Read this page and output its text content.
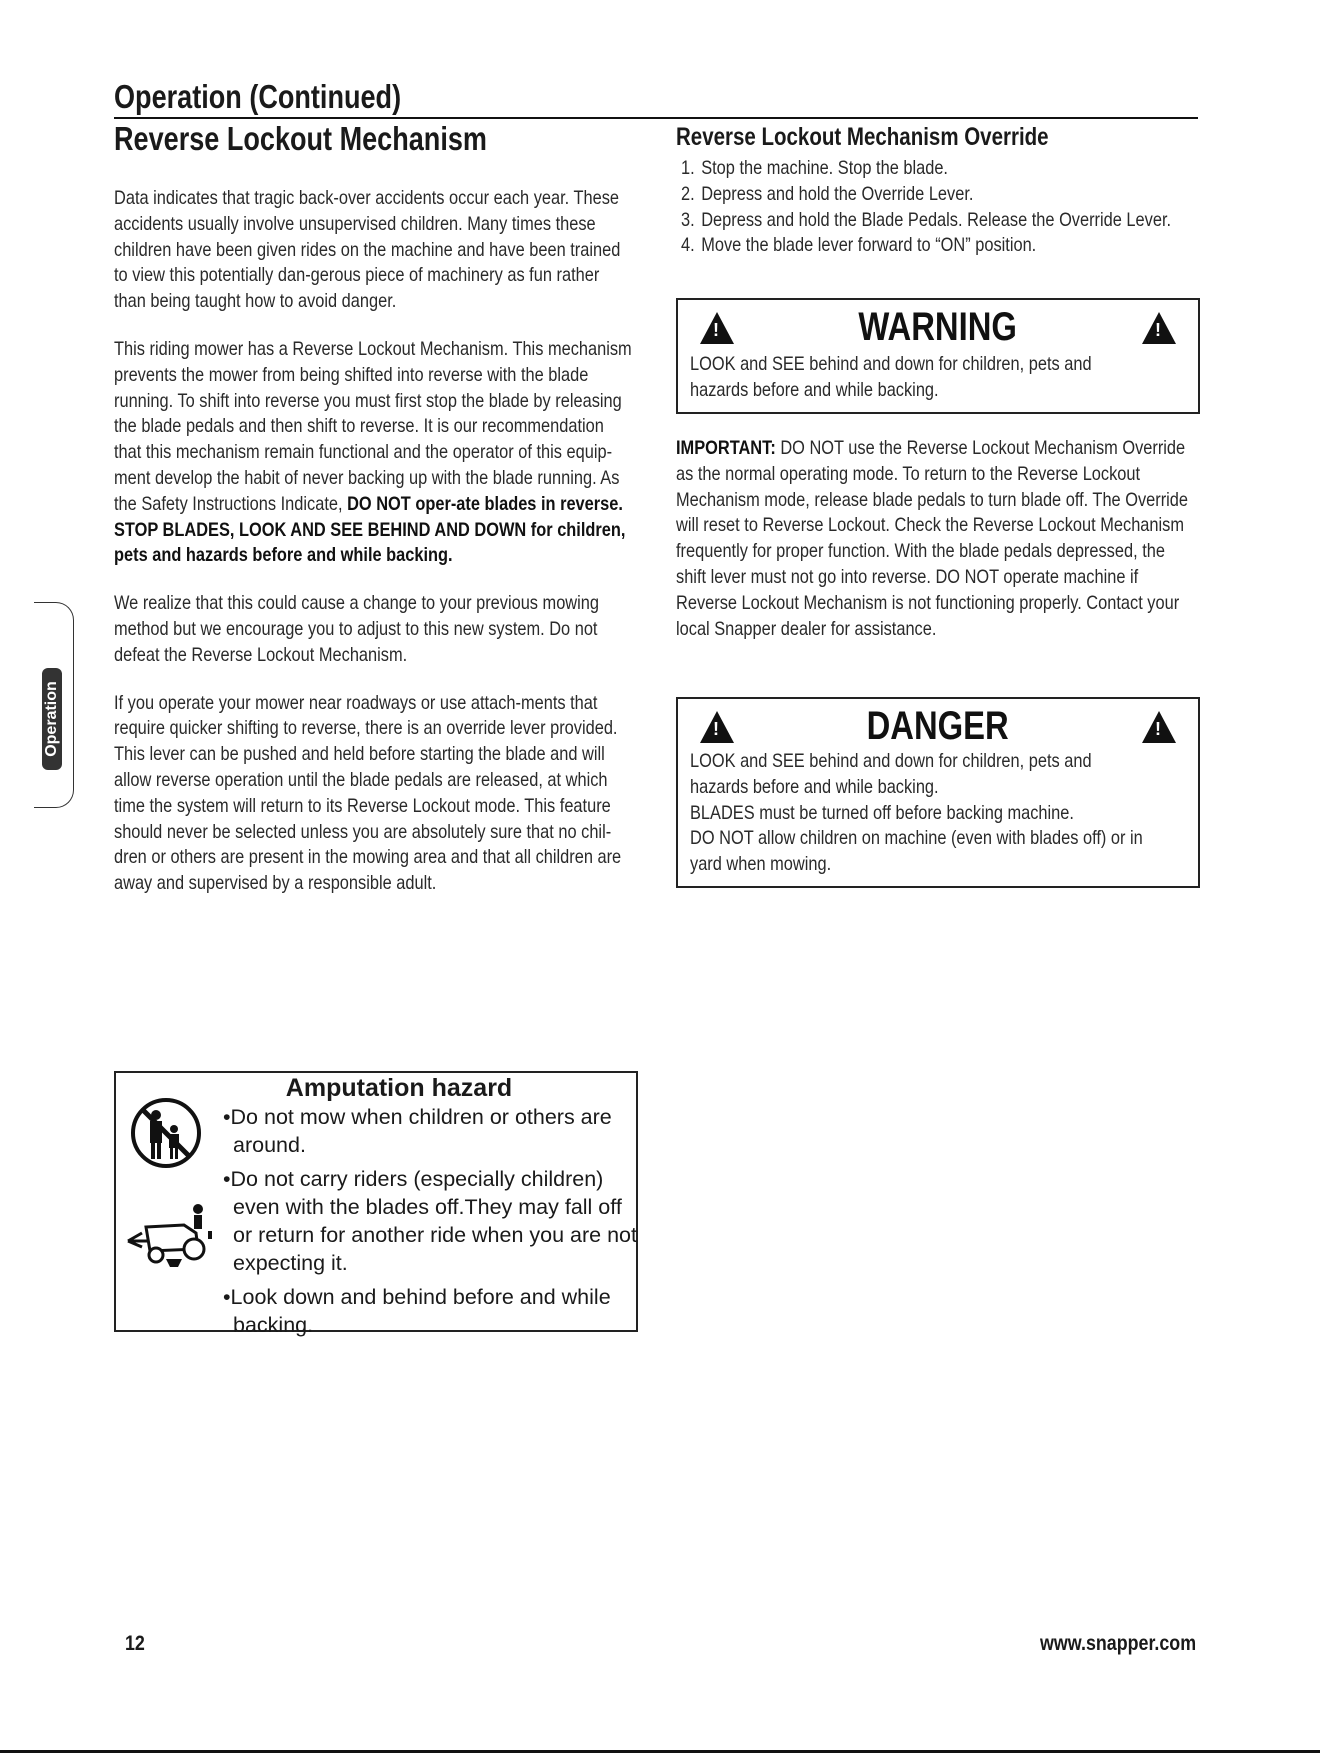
Operation (Continued)
Reverse Lockout Mechanism

Data indicates that tragic back-over accidents occur each year. These accidents usually involve unsupervised children. Many times these children have been given rides on the machine and have been trained to view this potentially dan-gerous piece of machinery as fun rather than being taught how to avoid danger.

This riding mower has a Reverse Lockout Mechanism. This mechanism prevents the mower from being shifted into reverse with the blade running. To shift into reverse you must first stop the blade by releasing the blade pedals and then shift to reverse. It is our recommendation that this mechanism remain functional and the operator of this equip-ment develop the habit of never backing up with the blade running. As the Safety Instructions Indicate, DO NOT oper-ate blades in reverse. STOP BLADES, LOOK AND SEE BEHIND AND DOWN for children, pets and hazards before and while backing.

We realize that this could cause a change to your previous mowing method but we encourage you to adjust to this new system. Do not defeat the Reverse Lockout Mechanism.

If you operate your mower near roadways or use attach-ments that require quicker shifting to reverse, there is an override lever provided. This lever can be pushed and held before starting the blade and will allow reverse operation until the blade pedals are released, at which time the system will return to its Reverse Lockout mode. This feature should never be selected unless you are absolutely sure that no chil-dren or others are present in the mowing area and that all children are away and supervised by a responsible adult.

Reverse Lockout Mechanism Override
1. Stop the machine. Stop the blade.
2. Depress and hold the Override Lever.
3. Depress and hold the Blade Pedals. Release the Override Lever.
4. Move the blade lever forward to “ON” position.
!
WARNING
!
LOOK and SEE behind and down for children, pets and hazards before and while backing.
IMPORTANT: DO NOT use the Reverse Lockout Mechanism Override as the normal operating mode. To return to the Reverse Lockout Mechanism mode, release blade pedals to turn blade off. The Override will reset to Reverse Lockout. Check the Reverse Lockout Mechanism frequently for proper function. With the blade pedals depressed, the shift lever must not go into reverse. DO NOT operate machine if Reverse Lockout Mechanism is not functioning properly. Contact your local Snapper dealer for assistance.
!
DANGER
!
LOOK and SEE behind and down for children, pets and hazards before and while backing.
BLADES must be turned off before backing machine.
DO NOT allow children on machine (even with blades off) or in yard when mowing.
Amputation hazard

•Do not mow when children or others are around.

•Do not carry riders (especially children) even with the blades off.They may fall off or return for another ride when you are not expecting it.

•Look down and behind before and while backing.

Operation
12	www.snapper.com
